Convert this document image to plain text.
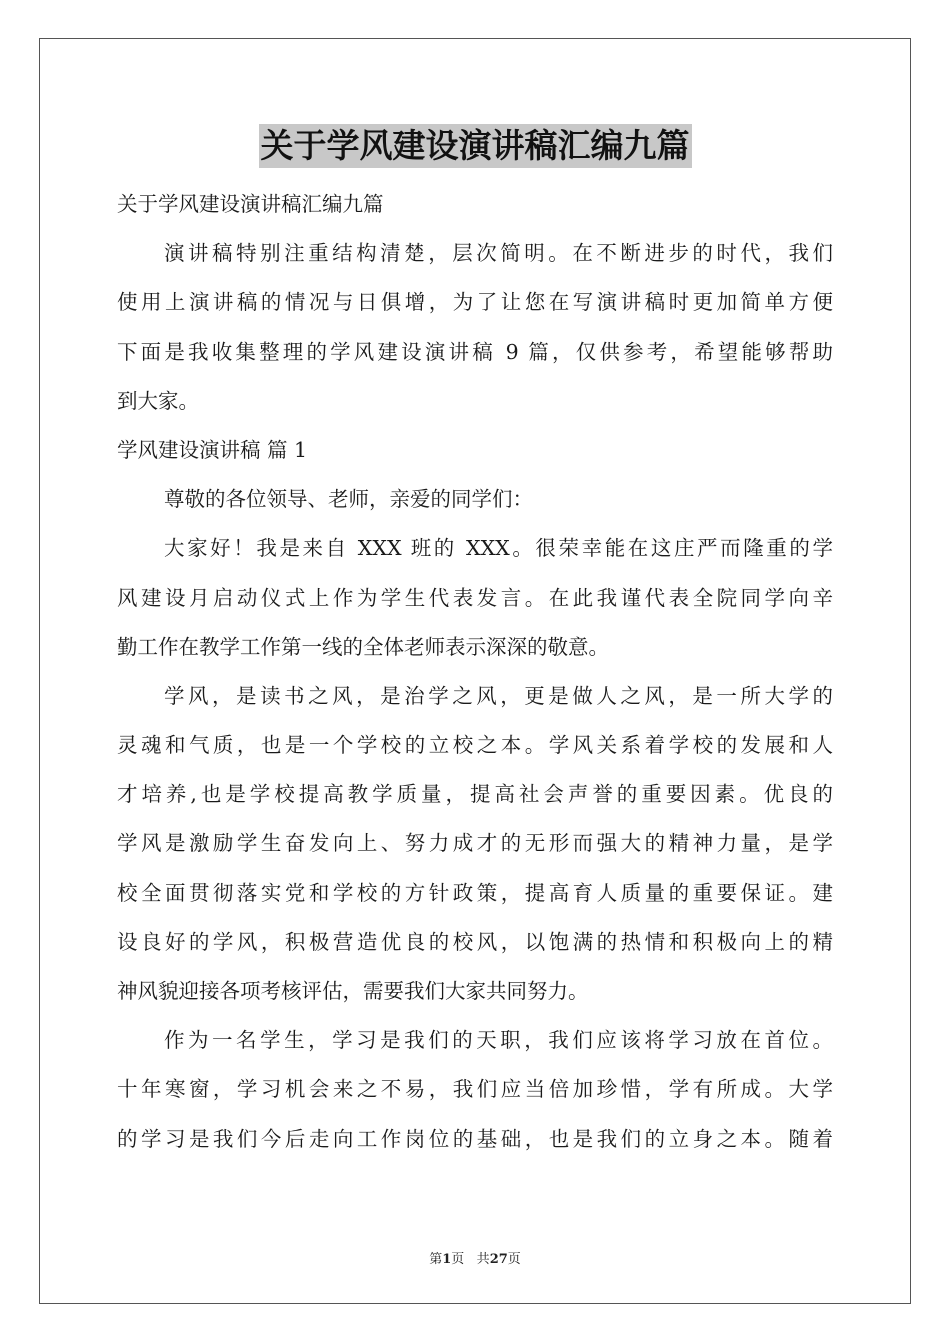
关于学风建设演讲稿汇编九篇
关于学风建设演讲稿汇编九篇
演讲稿特别注重结构清楚，层次简明。在不断进步的时代，我们
使用上演讲稿的情况与日俱增，为了让您在写演讲稿时更加简单方便
下面是我收集整理的学风建设演讲稿 9 篇，仅供参考，希望能够帮助
到大家。
学风建设演讲稿 篇 1
尊敬的各位领导、老师，亲爱的同学们：
大家好！我是来自 XXX 班的 XXX。很荣幸能在这庄严而隆重的学
风建设月启动仪式上作为学生代表发言。在此我谨代表全院同学向辛
勤工作在教学工作第一线的全体老师表示深深的敬意。
学风，是读书之风，是治学之风，更是做人之风，是一所大学的
灵魂和气质，也是一个学校的立校之本。学风关系着学校的发展和人
才培养,也是学校提高教学质量，提高社会声誉的重要因素。优良的
学风是激励学生奋发向上、努力成才的无形而强大的精神力量，是学
校全面贯彻落实党和学校的方针政策，提高育人质量的重要保证。建
设良好的学风，积极营造优良的校风，以饱满的热情和积极向上的精
神风貌迎接各项考核评估，需要我们大家共同努力。
作为一名学生，学习是我们的天职，我们应该将学习放在首位。
十年寒窗，学习机会来之不易，我们应当倍加珍惜，学有所成。大学
的学习是我们今后走向工作岗位的基础，也是我们的立身之本。随着
第1页 共27页
